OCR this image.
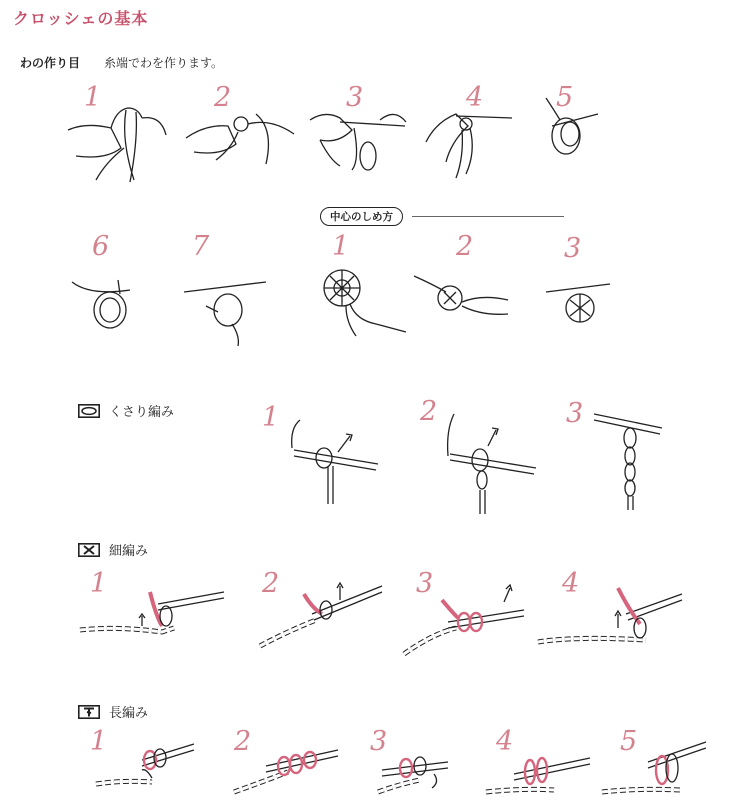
クロッシェの基本
わの作り目 糸端でわを作ります。
1	2	3	4	5
中心のしめ方
6	7	1	2	3
くさり編み	1	2	3
細編み
1	2	3	4
長編み
1	2	3	4	5
